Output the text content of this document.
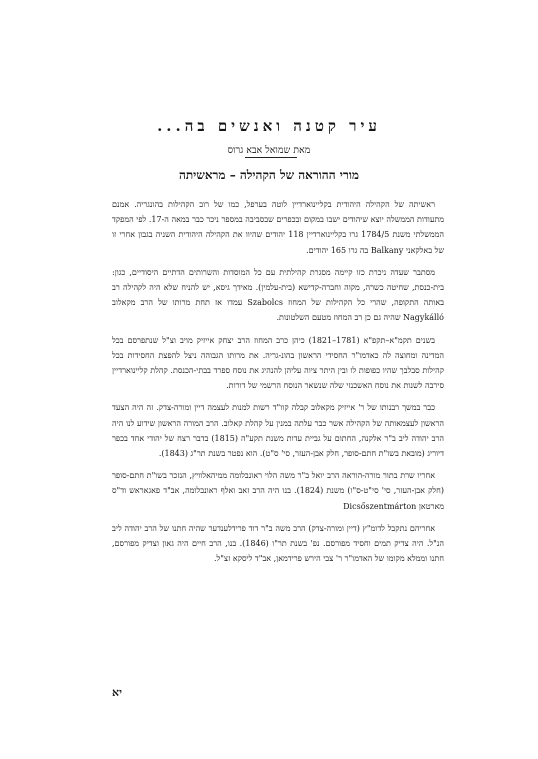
עיר קטנה ואנשים בה...

מאת שמואל אבא גרוס

מורי ההוראה של הקהילה – מראשיתה

ראשיתה של הקהילה היהודית בקליינוארדיין לוטה בערפל, כמו של רוב הקהילות בהונגריה. אמנם מתעודות הממשלה יוצא שיהודים ישבו במקום ובכפרים שבסביבה במספר ניכר כבר במאה ה-17. לפי המפקד הממשלתי משנת 1784/5 גרו בקליינוארדיין 118 יהודים שהיוו את הקהילה היהודית השניה בגבון אחרי זו של באלקאני Balkany בה גרו 165 יהודים.

מסתבר שעדה ניכרת כזו קיימה מסגרת קהילתית עם כל המוסדות והשרותים הדתיים היסודיים, כגון: בית-כנסת, שחיטה כשרה, מקוה וחברה-קדישא (בית-עלמין). מאידך גיסא, יש להניח שלא היה לקהילה רב באותה התקופה, שהרי כל הקהילות של המחוז Szabolcs עמדו אז תחת מרותו של הרב מקאלוב Nagykálló שהיה גם כן רב המחוז מטעם השלטונות.

בשנים תקמ"א–תקפ"א (1781–1821) כיהן כרב המחוז הרב יצחק אייזיק מויב וצ"ל שנתפרסם בכל המדינה ומחוצה לה כאדמו"ר החסידי הראשון בהונ-גריה. את מרותו הגבוהה ניצל להפצת החסידות בכל קהילות סבלבך שהיו כפופות לו ובין היתר ציוה עליהן להנהיג את נוסח ספרד בבתי-הכנסת. קהלת קליינוארדיין סירבה לשנות את נוסח האשכנזי שלה שנשאר הנוסח הרשמי של דורות.

כבר במשך רבנותו של ר' אייזיק מקאלוב קבלה קוו"ד רשות למנות לעצמה דיין ומורה-צדק. זה היה הצעד הראשון לעצמאותה של הקהילה אשר כבר עלתה במנין על קהלת קאלוב. הרב המורה הראשון שידוע לנו היה הרב יהודה ליב ב"ר אלקנה, החתום על גביית עדות משנת תקע"ה (1815) בדבר רצח של יהודי אחד בכפר דיוריג (מובאת בשו"ת חתם-סופר, חלק אבן-העזר, סי' ס"ט). הוא נפטר בשנת תר"ג (1843).

אחריו שרת בתור מורה-הוראה הרב יואל ב"ר משה הלוי ראונבלומה ממיהאלוויץ, הנזכר בשו"ת חתם-סופר (חלק אבן-העזר, סי' סי"ט-ס"ו) משנת (1824). בנו היה הרב זאב ואלף ראונבלומה, אב"ד פאגאראש וד"ס מארטאן Dicsőszentmárton

אחריהם נתקבל לדומ"ץ (דיין ומורה-צדק) הרב משה ב"ר דוד פרידלענדער שהיה חתנו של הרב יהודה ליב הנ"ל. היה צדיק תמים וחסיד מפורסם. נפ' בשנת תר"ו (1846). בנו, הרב חיים היה גאון וצדיק מפורסם, חתנו וממלא מקומו של האדמו"ר ר' צבי הירש פרידמאן, אב"ד ליסקא זצ"ל.

יא
